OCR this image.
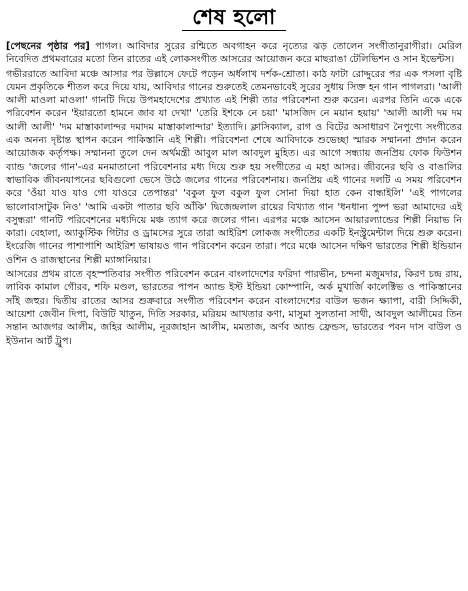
শেষ হলো

[পেছনের পৃষ্ঠার পর] পাগল। আবিদার সুরের রশ্মিতে অবগাহন করে নৃত্যের ঝড় তোলেন সংগীতানুরাগীরা। মেরিল নিবেদিত প্রথমবারের মতো তিন রাতের এই লোকসংগীত আসরের আয়োজন করে মাছরাঙা টেলিভিশন ও সান ইভেন্টস।

গভীররাতে আবিদা মঞ্চে আসার পর উল্লাসে ফেটে পড়েন অর্ধলাখ দর্শক-শ্রোতা। কাঠ ফাটা রোদ্দুরের পর এক পসলা বৃষ্টি যেমন প্রকৃতিকে শীতল করে দিয়ে যায়, আবিদার গানের শুরুতেই তেমনভাবেই সুরের সুধায় সিক্ত হন গান পাগলরা। 'আলী আলী মাওলা মাওলা' গানটি দিয়ে উপমহাদেশের প্রখ্যাত এই শিল্পী তার পরিবেশনা শুরু করেন। এরপর তিনি একে একে পরিবেশন করেন 'ইয়ারতো হামনে জাব যা দেখা' 'তেরি ইশকে নে চয়া' 'মাসজিদ নে ময়ান হয়ায়' 'আলী আলী দম দম আলী আলী' 'দম মাস্তাকালান্দর দমাদম মাস্তাকালান্দার' ইত্যাদি। ক্লাসিক্যাল, রাগ ও বিটের অসাধারণ নৈপুণ্যে সংগীতের এক অনন্য দৃষ্টান্ত স্থাপন করেন পাকিস্তানি এই শিল্পী। পরিবেশনা শেষে আবিদাকে শুভেচ্ছা স্মারক সম্মাননা প্রদান করেন আয়োজক কর্তৃপক্ষ। সম্মাননা তুলে দেন অর্থমন্ত্রী আবুল মাল আবদুল মুহিত। এর আগে সন্ধ্যায় জনপ্রিয় ফোক ফিউশন ব্যান্ড 'জলের গান'-এর মনমাতানো পরিবেশনার মধ্য দিয়ে শুরু হয় সংগীতের এ মহা আসর। জীবনের ছবি ও বাঙালির স্বাভাবিক জীবনযাপনের ছবিগুলো ভেসে উঠে জলের গানের পরিবেশনায়। জনপ্রিয় এই গানের দলটি এ সময় পরিবেশন করে 'ওঁয়া যাও যাও গো যাওরে তেপান্তর' 'বকুল ফুল বকুল ফুল সোনা দিয়া হাত কেন বান্ধাইলি' 'এই পাগলের ভালোবাসাটুক নিও' 'আমি একটা পাতার ছবি আঁকি' দ্বিজেন্দ্রলাল রায়ের বিখ্যাত গান 'ধনধান্য পুষ্প ভরা আমাদের এই বসুন্ধরা' গানটি পরিবেশনের মধ্যদিয়ে মঞ্চ ত্যাগ করে জলের গান। এরপর মঞ্চে আসেন আয়ারল্যান্ডের শিল্পী নিয়াভ নি কারা। বেহালা, অ্যাকুস্টিক গিটার ও ড্রামসের সুরে তারা আইরিশ লোকজ সংগীতের একটি ইনস্ট্রুমেন্টাল দিয়ে শুরু করেন। ইংরেজি গানের পাশাপাশি আইরিশ ভাষায়ও গান পরিবেশন করেন তারা। পরে মঞ্চে আসেন দক্ষিণ ভারতের শিল্পী ইন্ডিয়ান ওশিন ও রাজস্থানের শিল্পী ম্যাঙ্গানিয়ার।

আসরের প্রথম রাতে বৃহস্পতিবার সংগীত পরিবেশন করেন বাংলাদেশের ফরিদা পারভীন, চন্দনা মজুমদার, কিরণ চন্দ্র রায়, লাবিক কামাল গৌরব, শফি মণ্ডল, ভারতের পাপন অ্যান্ড ইস্ট ইন্ডিয়া কোম্পানি, অর্ক মুখার্জি কালেক্টিভ ও পাকিস্তানের সাঁই জহুর। দ্বিতীয় রাতের আসর শুক্রবারে সংগীত পরিবেশন করেন বাংলাদেশের বাউল ভজন ক্ষ্যাপা, বারী সিদ্দিকী, আয়েশা জেবীন দিপা, বিউটি খাতুন, দিতি সরকার, মরিয়ম আখতার কণা, মাসুমা সুলতানা সাথী, আবদুল আলীমের তিন সন্তান আজগর আলীম, জহির আলীম, নূরজাহান আলীম, মমতাজ, অর্ণব অ্যান্ড ফ্রেন্ডস, ভারতের পবন দাস বাউল ও ইউনান আর্ট ট্রুপ।
